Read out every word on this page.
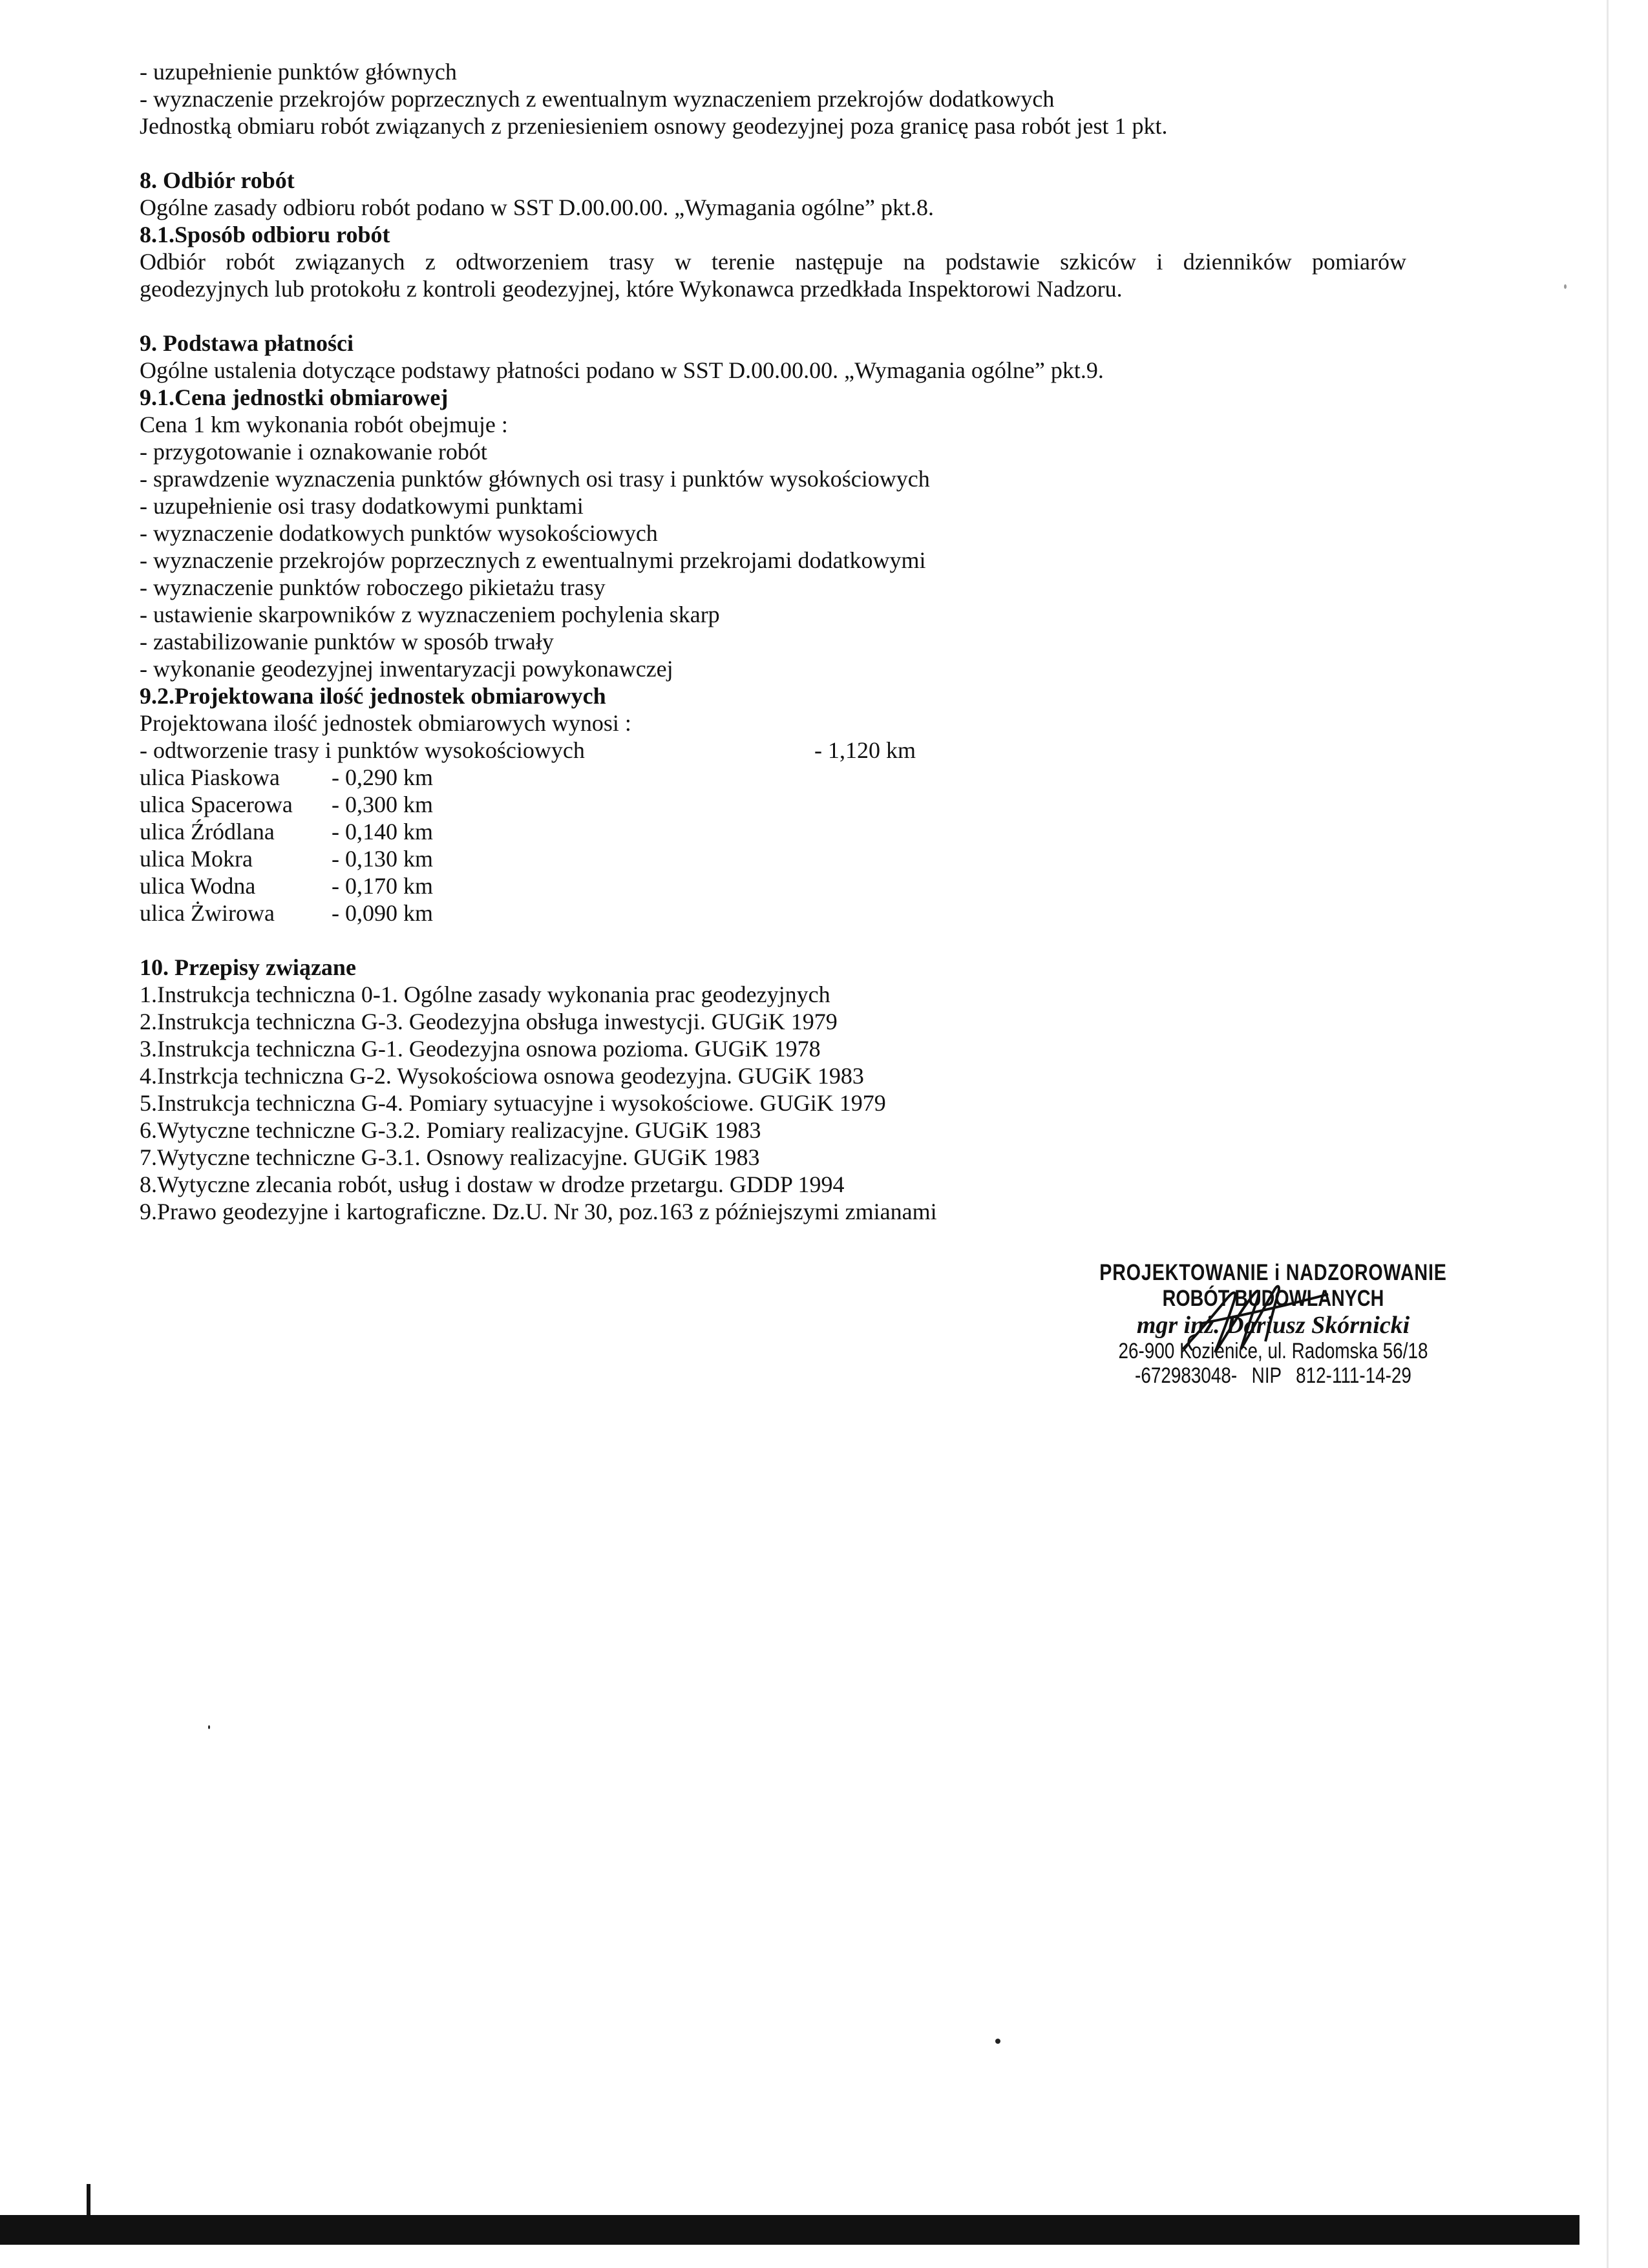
- uzupełnienie punktów głównych
- wyznaczenie przekrojów poprzecznych z ewentualnym wyznaczeniem przekrojów dodatkowych
Jednostką obmiaru robót związanych z przeniesieniem osnowy geodezyjnej poza granicę pasa robót jest 1 pkt.
8. Odbiór robót
Ogólne zasady odbioru robót podano w SST D.00.00.00. „Wymagania ogólne” pkt.8.
8.1.Sposób odbioru robót
Odbiór robót związanych z odtworzeniem trasy w terenie następuje na podstawie szkiców i dzienników pomiarów
geodezyjnych lub protokołu z kontroli geodezyjnej, które Wykonawca przedkłada Inspektorowi Nadzoru.
9. Podstawa płatności
Ogólne ustalenia dotyczące podstawy płatności podano w SST D.00.00.00. „Wymagania ogólne” pkt.9.
9.1.Cena jednostki obmiarowej
Cena 1 km wykonania robót obejmuje :
- przygotowanie i oznakowanie robót
- sprawdzenie wyznaczenia punktów głównych osi trasy i punktów wysokościowych
- uzupełnienie osi trasy dodatkowymi punktami
- wyznaczenie dodatkowych punktów wysokościowych
- wyznaczenie przekrojów poprzecznych z ewentualnymi przekrojami dodatkowymi
- wyznaczenie punktów roboczego pikietażu trasy
- ustawienie skarpowników z wyznaczeniem pochylenia skarp
- zastabilizowanie punktów w sposób trwały
- wykonanie geodezyjnej inwentaryzacji powykonawczej
9.2.Projektowana ilość jednostek obmiarowych
Projektowana ilość jednostek obmiarowych wynosi :
- odtworzenie trasy i punktów wysokościowych	- 1,120 km
ulica Piaskowa	- 0,290 km
ulica Spacerowa	- 0,300 km
ulica Źródlana	- 0,140 km
ulica Mokra	- 0,130 km
ulica Wodna	- 0,170 km
ulica Żwirowa	- 0,090 km
10. Przepisy związane
1.Instrukcja techniczna 0-1. Ogólne zasady wykonania prac geodezyjnych
2.Instrukcja techniczna G-3. Geodezyjna obsługa inwestycji. GUGiK 1979
3.Instrukcja techniczna G-1. Geodezyjna osnowa pozioma. GUGiK 1978
4.Instrkcja techniczna G-2. Wysokościowa osnowa geodezyjna. GUGiK 1983
5.Instrukcja techniczna G-4. Pomiary sytuacyjne i wysokościowe. GUGiK 1979
6.Wytyczne techniczne G-3.2. Pomiary realizacyjne. GUGiK 1983
7.Wytyczne techniczne G-3.1. Osnowy realizacyjne. GUGiK 1983
8.Wytyczne zlecania robót, usług i dostaw w drodze przetargu. GDDP 1994
9.Prawo geodezyjne i kartograficzne. Dz.U. Nr 30, poz.163 z późniejszymi zmianami
PROJEKTOWANIE i NADZOROWANIE
ROBÓT BUDOWLANYCH
mgr inż. Dariusz Skórnicki
26-900 Kozienice, ul. Radomska 56/18
-672983048- NIP 812-111-14-29
